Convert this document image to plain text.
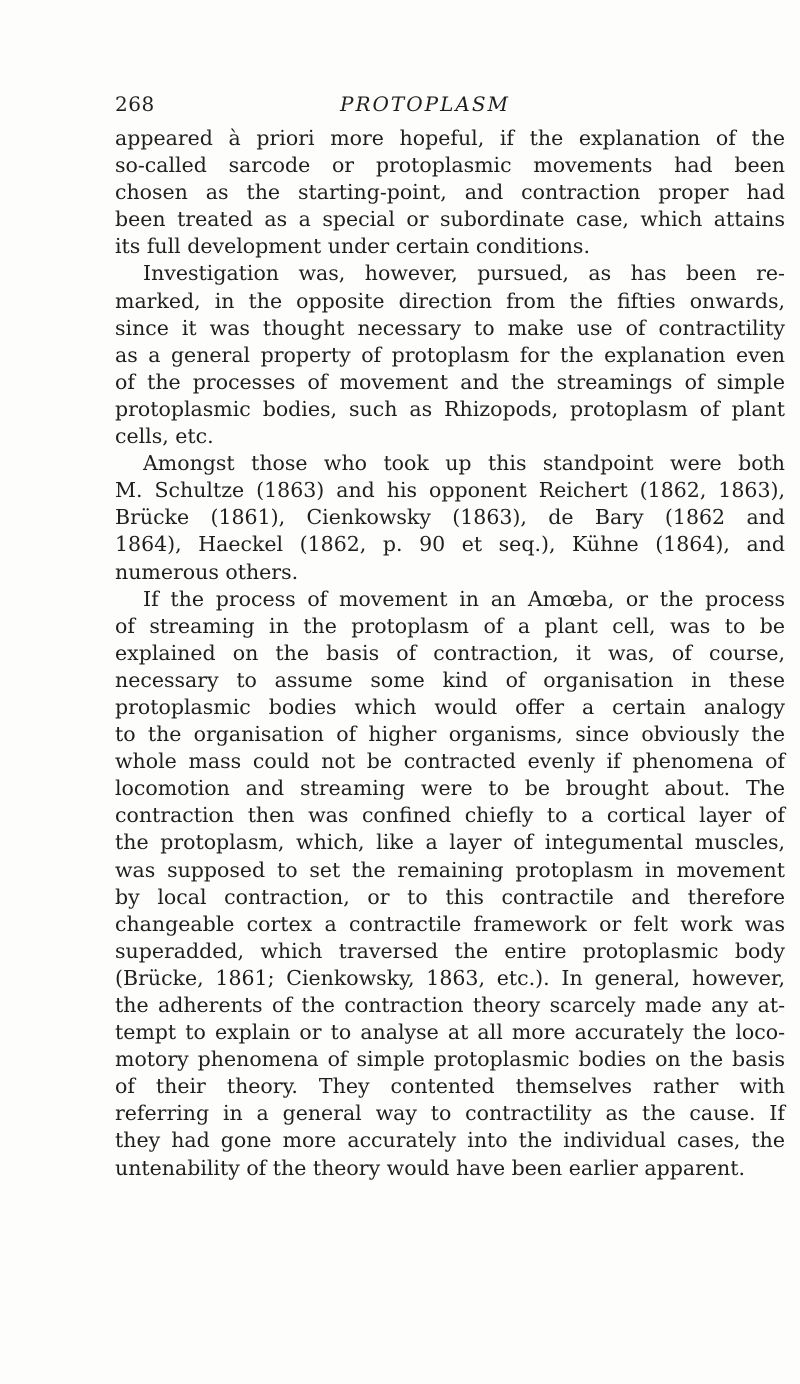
268	PROTOPLASM
appeared à priori more hopeful, if the explanation of the
so-called sarcode or protoplasmic movements had been
chosen as the starting-point, and contraction proper had
been treated as a special or subordinate case, which attains
its full development under certain conditions.
Investigation was, however, pursued, as has been re-
marked, in the opposite direction from the fifties onwards,
since it was thought necessary to make use of contractility
as a general property of protoplasm for the explanation even
of the processes of movement and the streamings of simple
protoplasmic bodies, such as Rhizopods, protoplasm of plant
cells, etc.
Amongst those who took up this standpoint were both
M. Schultze (1863) and his opponent Reichert (1862, 1863),
Brücke (1861), Cienkowsky (1863), de Bary (1862 and
1864), Haeckel (1862, p. 90 et seq.), Kühne (1864), and
numerous others.
If the process of movement in an Amœba, or the process
of streaming in the protoplasm of a plant cell, was to be
explained on the basis of contraction, it was, of course,
necessary to assume some kind of organisation in these
protoplasmic bodies which would offer a certain analogy
to the organisation of higher organisms, since obviously the
whole mass could not be contracted evenly if phenomena of
locomotion and streaming were to be brought about. The
contraction then was confined chiefly to a cortical layer of
the protoplasm, which, like a layer of integumental muscles,
was supposed to set the remaining protoplasm in movement
by local contraction, or to this contractile and therefore
changeable cortex a contractile framework or felt work was
superadded, which traversed the entire protoplasmic body
(Brücke, 1861; Cienkowsky, 1863, etc.). In general, however,
the adherents of the contraction theory scarcely made any at-
tempt to explain or to analyse at all more accurately the loco-
motory phenomena of simple protoplasmic bodies on the basis
of their theory. They contented themselves rather with
referring in a general way to contractility as the cause. If
they had gone more accurately into the individual cases, the
untenability of the theory would have been earlier apparent.
